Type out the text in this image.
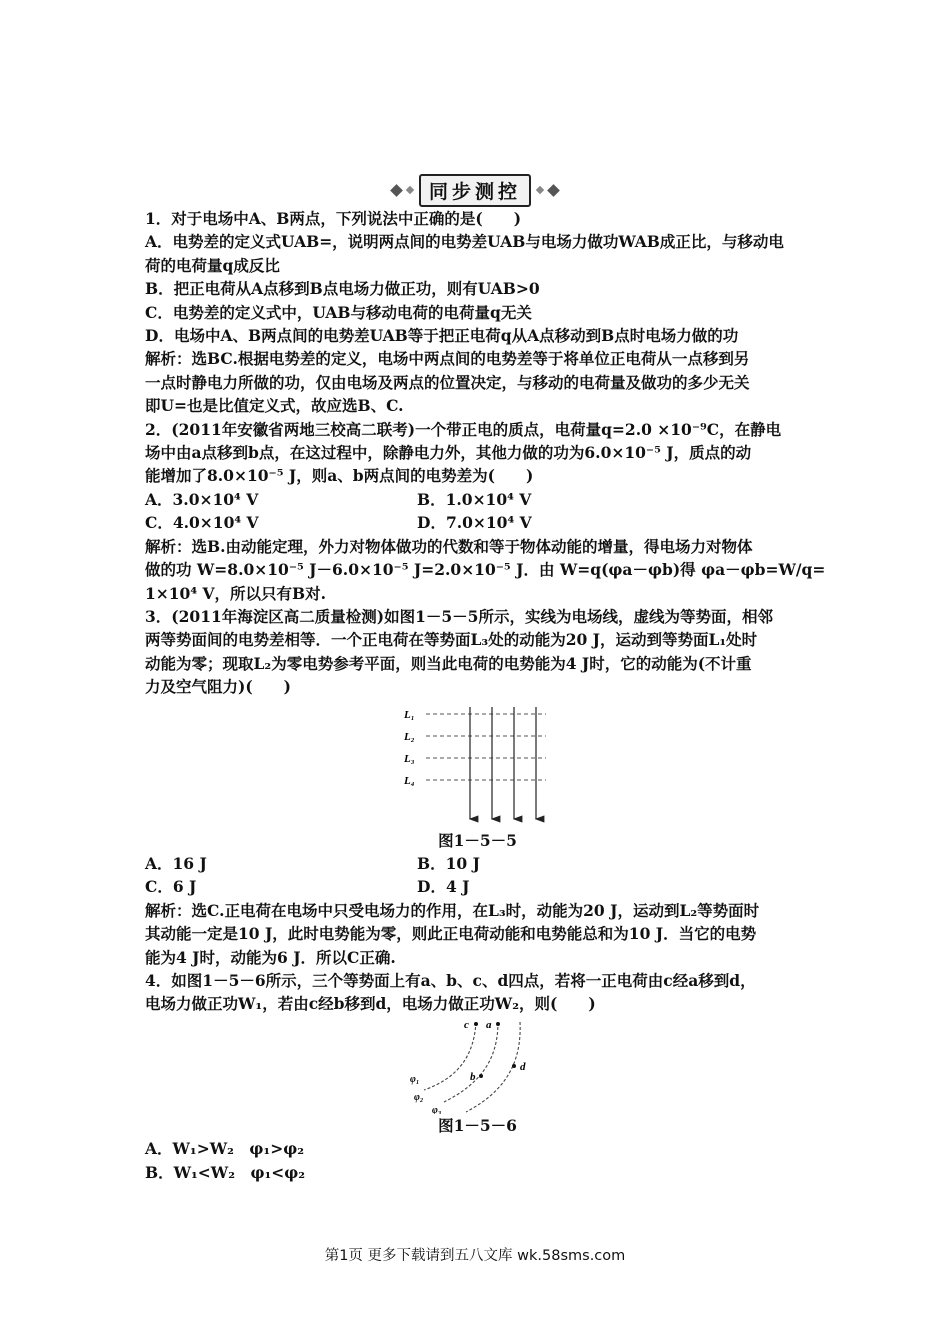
同步测控
1．对于电场中A、B两点，下列说法中正确的是(　　)
A．电势差的定义式UAB=，说明两点间的电势差UAB与电场力做功WAB成正比，与移动电
荷的电荷量q成反比
B．把正电荷从A点移到B点电场力做正功，则有UAB>0
C．电势差的定义式中，UAB与移动电荷的电荷量q无关
D．电场中A、B两点间的电势差UAB等于把正电荷q从A点移动到B点时电场力做的功
解析：选BC.根据电势差的定义，电场中两点间的电势差等于将单位正电荷从一点移到另
一点时静电力所做的功，仅由电场及两点的位置决定，与移动的电荷量及做功的多少无关
即U=也是比值定义式，故应选B、C.
2．(2011年安徽省两地三校高二联考)一个带正电的质点，电荷量q=2.0 ×10⁻⁹C，在静电
场中由a点移到b点，在这过程中，除静电力外，其他力做的功为6.0×10⁻⁵ J，质点的动
能增加了8.0×10⁻⁵ J，则a、b两点间的电势差为(　　)
A．3.0×10⁴ V	B．1.0×10⁴ V
C．4.0×10⁴ V	D．7.0×10⁴ V
解析：选B.由动能定理，外力对物体做功的代数和等于物体动能的增量，得电场力对物体
做的功 W=8.0×10⁻⁵ J－6.0×10⁻⁵ J=2.0×10⁻⁵ J．由 W=q(φa－φb)得 φa－φb=W/q=
1×10⁴ V，所以只有B对.
3．(2011年海淀区高二质量检测)如图1－5－5所示，实线为电场线，虚线为等势面，相邻
两等势面间的电势差相等．一个正电荷在等势面L₃处的动能为20 J，运动到等势面L₁处时
动能为零；现取L₂为零电势参考平面，则当此电荷的电势能为4 J时，它的动能为(不计重
力及空气阻力)(　　)
L₁
L₂
L₃
L₄
图1－5－5
A．16 J	B．10 J
C．6 J	D．4 J
解析：选C.正电荷在电场中只受电场力的作用，在L₃时，动能为20 J，运动到L₂等势面时
其动能一定是10 J，此时电势能为零，则此正电荷动能和电势能总和为10 J．当它的电势
能为4 J时，动能为6 J．所以C正确.
4．如图1－5－6所示，三个等势面上有a、b、c、d四点，若将一正电荷由c经a移到d，
电场力做正功W₁，若由c经b移到d，电场力做正功W₂，则(　　)
c a
b
d
φ₁
φ₂
φ₃
图1－5－6
A．W₁>W₂　φ₁>φ₂
B．W₁<W₂　φ₁<φ₂
第1页 更多下载请到五八文库 wk.58sms.com
